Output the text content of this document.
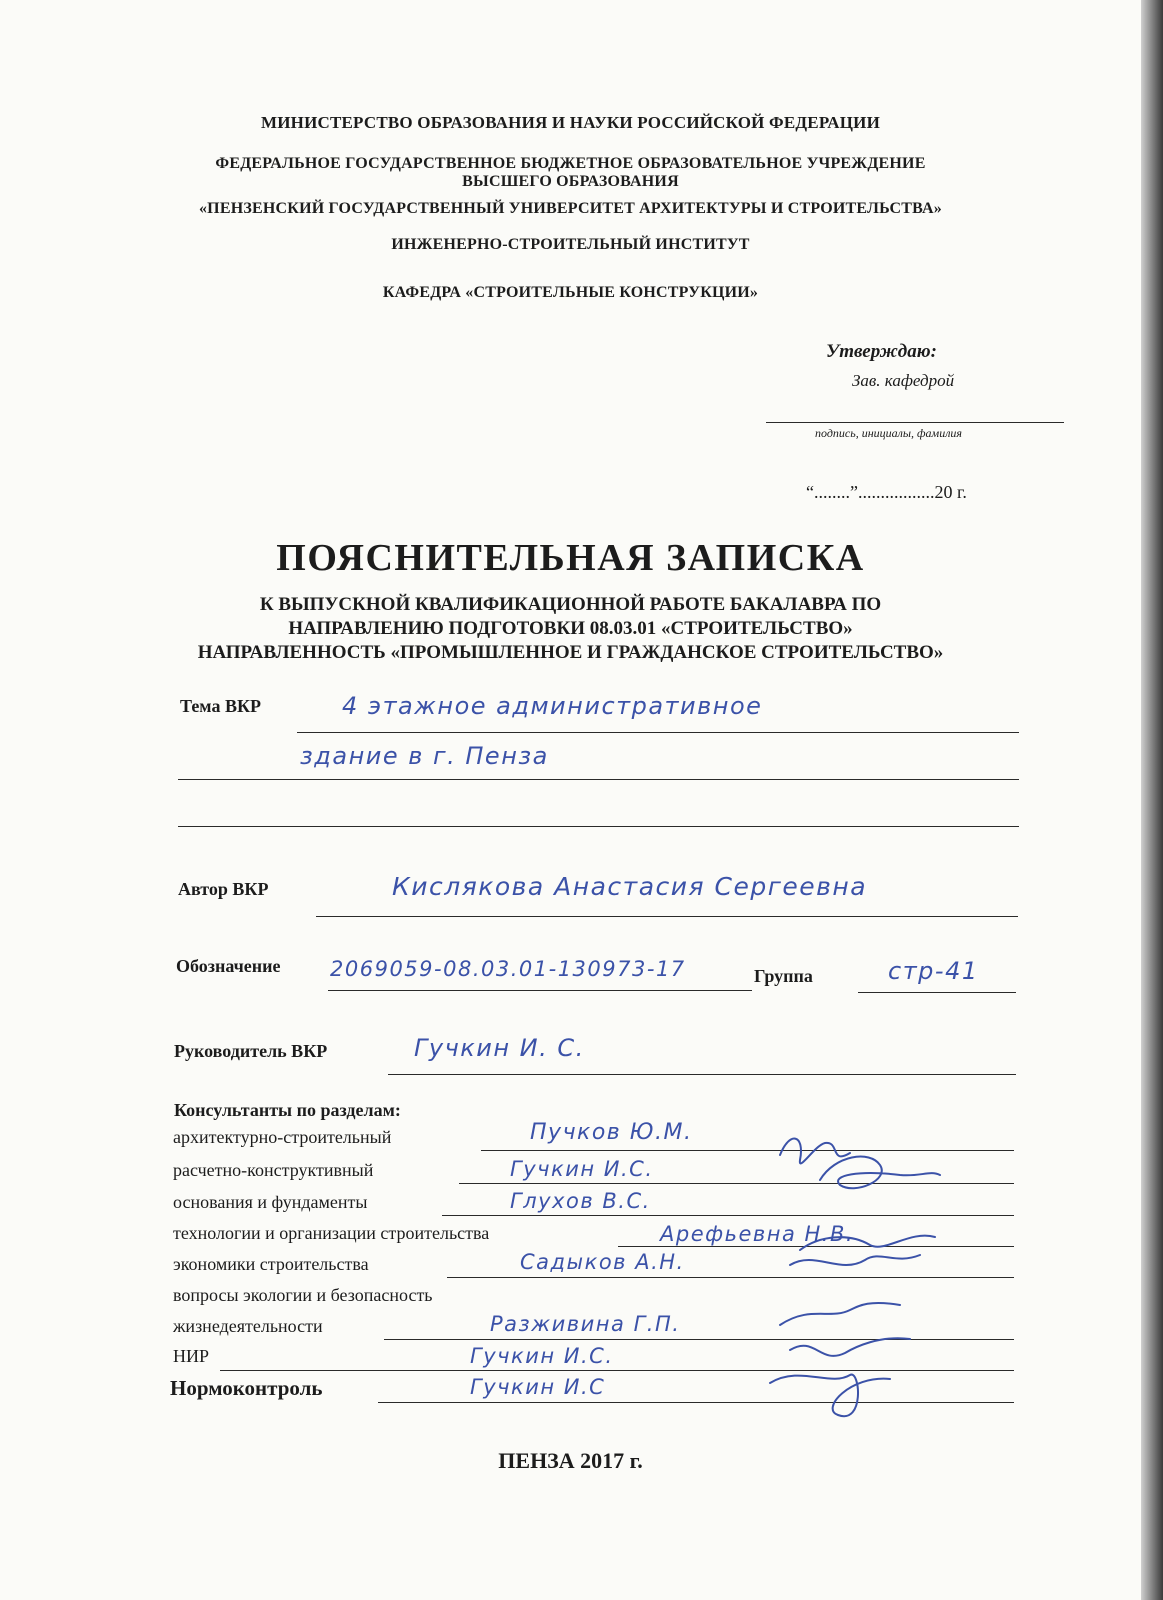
МИНИСТЕРСТВО ОБРАЗОВАНИЯ И НАУКИ РОССИЙСКОЙ ФЕДЕРАЦИИ
ФЕДЕРАЛЬНОЕ ГОСУДАРСТВЕННОЕ БЮДЖЕТНОЕ ОБРАЗОВАТЕЛЬНОЕ УЧРЕЖДЕНИЕ
ВЫСШЕГО ОБРАЗОВАНИЯ
«ПЕНЗЕНСКИЙ ГОСУДАРСТВЕННЫЙ УНИВЕРСИТЕТ АРХИТЕКТУРЫ И СТРОИТЕЛЬСТВА»
ИНЖЕНЕРНО-СТРОИТЕЛЬНЫЙ ИНСТИТУТ
КАФЕДРА «СТРОИТЕЛЬНЫЕ КОНСТРУКЦИИ»
Утверждаю:
Зав. кафедрой
подпись, инициалы, фамилия
“........”.................20 г.
ПОЯСНИТЕЛЬНАЯ ЗАПИСКА
К ВЫПУСКНОЙ КВАЛИФИКАЦИОННОЙ РАБОТЕ БАКАЛАВРА ПО
НАПРАВЛЕНИЮ ПОДГОТОВКИ 08.03.01 «СТРОИТЕЛЬСТВО»
НАПРАВЛЕННОСТЬ «ПРОМЫШЛЕННОЕ И ГРАЖДАНСКОЕ СТРОИТЕЛЬСТВО»
Тема ВКР	4 этажное административное
здание в г. Пенза
Автор ВКР	Кислякова Анастасия Сергеевна
Обозначение 2069059-08.03.01-130973-17	Группа	стр-41
Руководитель ВКР	Гучкин И. С.
Консультанты по разделам:
архитектурно-строительный	Пучков Ю.М.
расчетно-конструктивный	Гучкин И.С.
основания и фундаменты	Глухов В.С.
технологии и организации строительства	Арефьевна Н.В.
экономики строительства	Садыков А.Н.
вопросы экологии и безопасность
жизнедеятельности	Разживина Г.П.
НИР	Гучкин И.С.
Нормоконтроль	Гучкин И.С
ПЕНЗА 2017 г.
